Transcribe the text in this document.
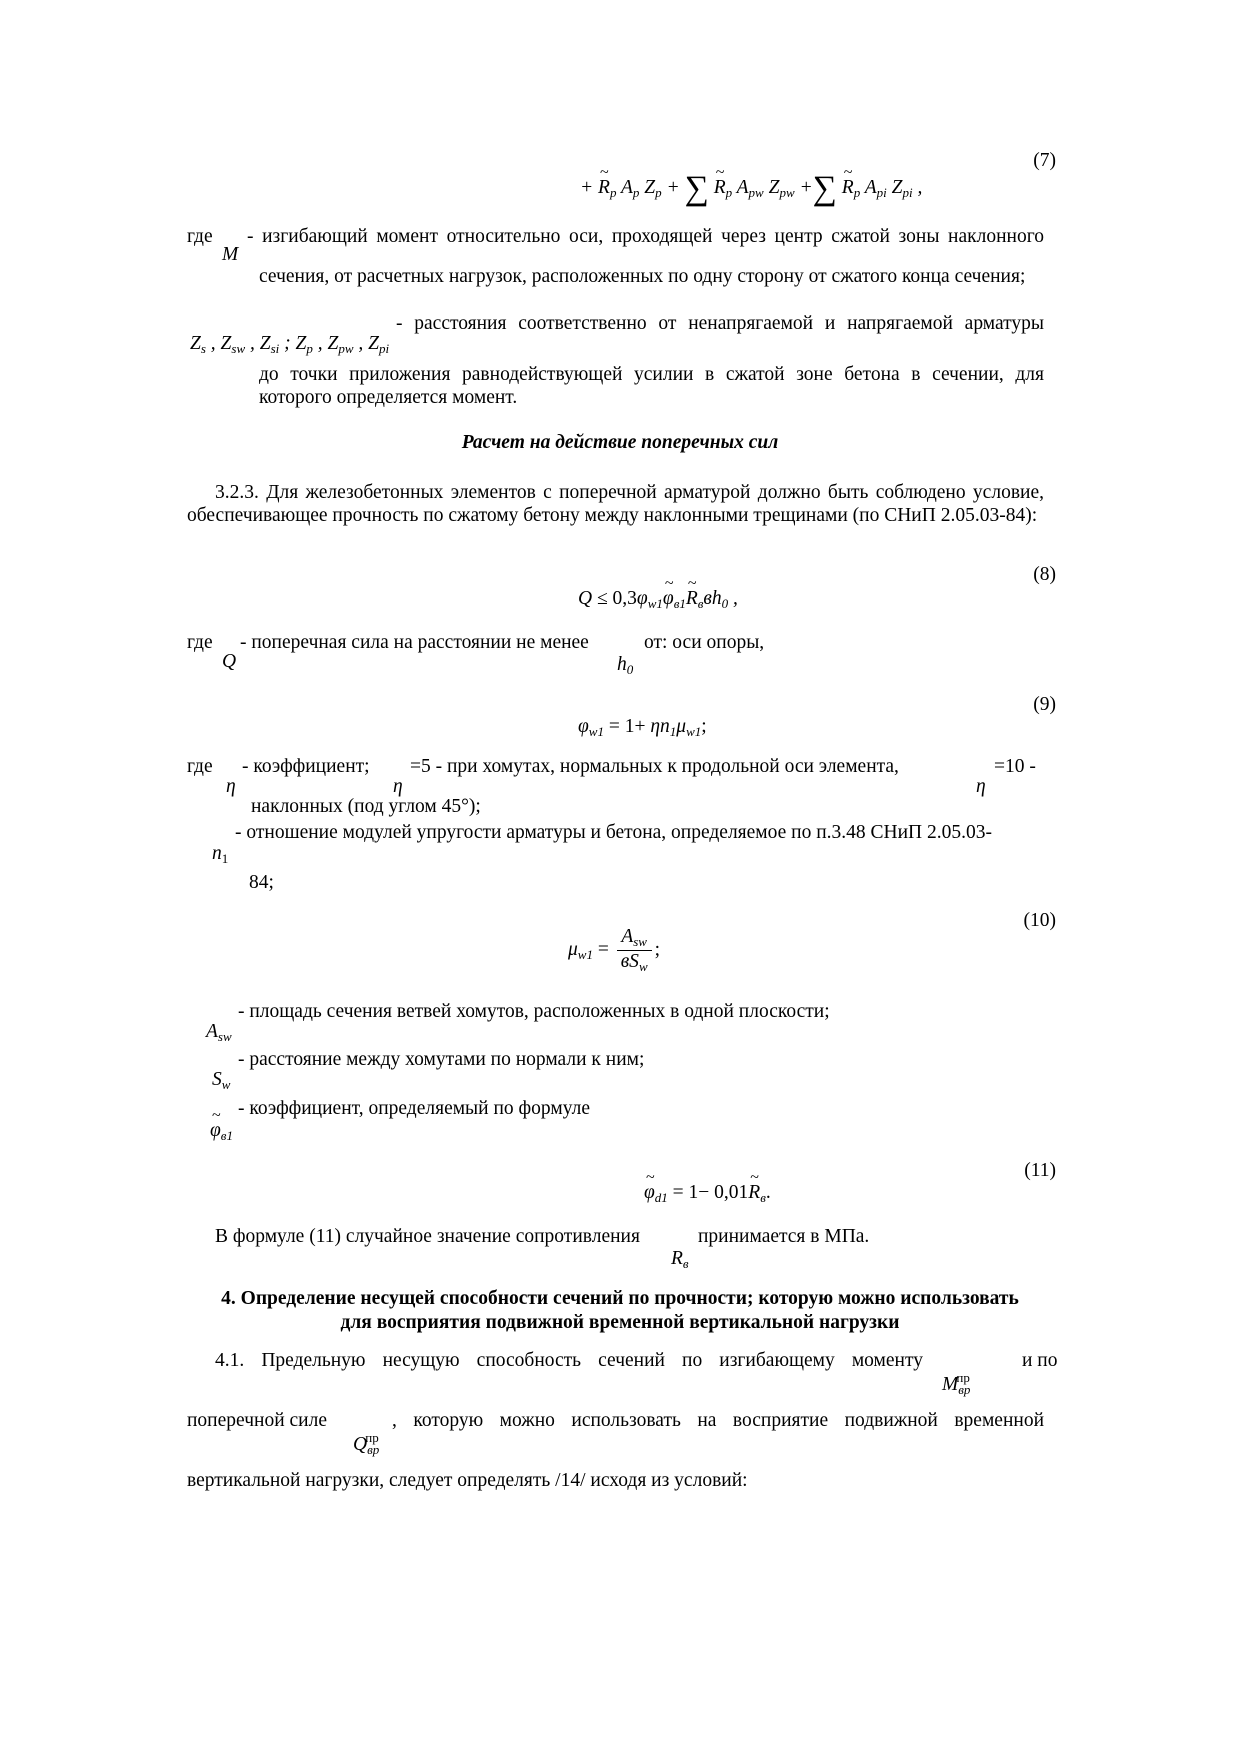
(7)
+ ~ $R_p$ $A_p$ $Z_p$ + ∑ ~ $R_p$ $A_{pw}$ $Z_{pw}$ +∑ ~ $R_p$ $A_{pi}$ $Z_{pi}$ ,
где
M
- изгибающий момент относительно оси, проходящей через центр сжатой зоны наклонного
сечения, от расчетных нагрузок, расположенных по одну сторону от сжатого конца сечения;
- расстояния соответственно от ненапрягаемой и напрягаемой арматуры
$Z_s$ , $Z_{sw}$ , $Z_{si}$ ; $Z_p$ , $Z_{pw}$ , $Z_{pi}$
до точки приложения равнодействующей усилии в сжатой зоне бетона в сечении, для которого определяется момент.
Расчет на действие поперечных сил
3.2.3. Для железобетонных элементов с поперечной арматурой должно быть соблюдено условие, обеспечивающее прочность по сжатому бетону между наклонными трещинами (по СНиП 2.05.03-84):
(8)
$Q \le 0,3\varphi_{w1}\sim$ $\varphi_{в1}\sim$ $R_ввh_0$ ,
где
Q
- поперечная сила на расстоянии не менее
$h_0$
от: оси опоры,
(9)
$\varphi_{w1} = 1+ \eta n_1\mu_{w1}$;
где
η
- коэффициент;
η
=5 - при хомутах, нормальных к продольной оси элемента,
η
=10 -
наклонных (под углом 45°);
- отношение модулей упругости арматуры и бетона, определяемое по п.3.48 СНиП 2.05.03-
$n_1$
84;
(10)
$\mu_{w1} = \frac{A_{sw}}{вS_w}$ ;
- площадь сечения ветвей хомутов, расположенных в одной плоскости;
$A_{sw}$
- расстояние между хомутами по нормали к ним;
$S_w$
- коэффициент, определяемый по формуле
~ $\varphi_{в1}$
(11)
~ $\varphi_{d1} = 1-$ 0,01~ $R_в$.
В формуле (11) случайное значение сопротивления
$R_в$
принимается в МПа.
4. Определение несущей способности сечений по прочности; которую можно использовать
для восприятия подвижной временной вертикальной нагрузки
4.1. Предельную несущую способность сечений по изгибающему моменту
$M_{вр}^{пр}$
и по
поперечной силе
$Q_{вр}^{пр}$
, которую можно использовать на восприятие подвижной временной
вертикальной нагрузки, следует определять /14/ исходя из условий:
